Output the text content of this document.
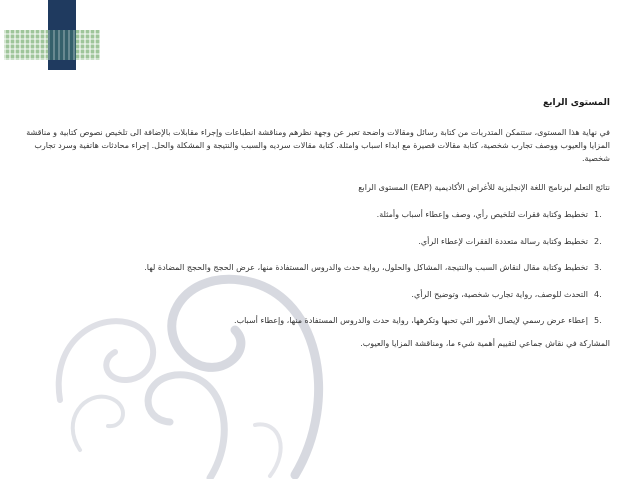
المستوى الرابع
في نهاية هذا المستوى، ستتمكن المتدربات من كتابة رسائل ومقالات واضحة تعبر عن وجهة نظرهم ومناقشة انطباعات وإجراء مقابلات بالإضافة الى تلخيص نصوص كتابية و مناقشة المزايا والعيوب ووصف تجارب شخصية، كتابة مقالات قصيرة مع ابداء اسباب وامثلة. كتابة مقالات سرديه والسبب والنتيجة و المشكلة والحل. إجراء محادثات هاتفية وسرد تجارب شخصية.
نتائج التعلم لبرنامج اللغة الإنجليزية للأغراض الأكاديمية (EAP) المستوى الرابع
1.
تخطيط وكتابة فقرات لتلخيص رأي، وصف وإعطاء أسباب وأمثلة.
2.
تخطيط وكتابة رسالة متعددة الفقرات لإعطاء الرأي.
3.
تخطيط وكتابة مقال لنقاش السبب والنتيجة، المشاكل والحلول، رواية حدث والدروس المستفادة منها، عرض الحجج والحجج المضادة لها.
4.
التحدث للوصف، رواية تجارب شخصية، وتوضيح الرأي.
5.
إعطاء عرض رسمي لإيصال الأمور التي تحبها وتكرهها، رواية حدث والدروس المستفادة منها، وإعطاء أسباب.
المشاركة في نقاش جماعي لتقييم أهمية شيء ما، ومناقشة المزايا والعيوب.
